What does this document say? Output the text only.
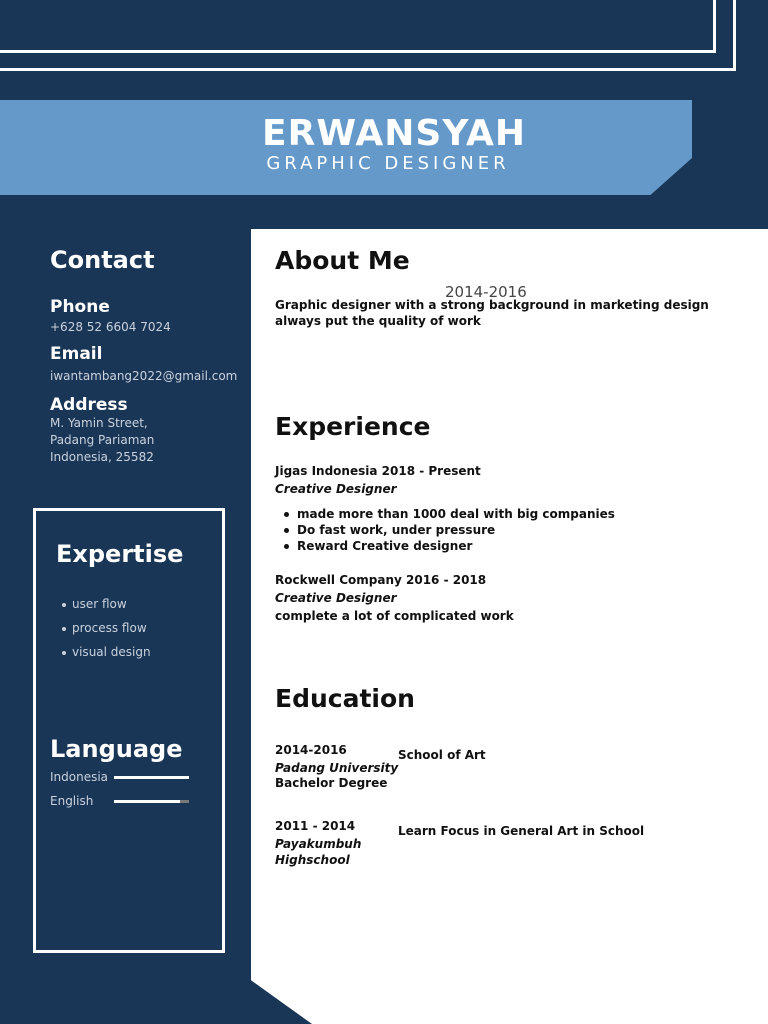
ERWANSYAH
GRAPHIC DESIGNER
Contact
Phone
+628 52 6604 7024
Email
iwantambang2022@gmail.com
Address
M. Yamin Street,
Padang Pariaman
Indonesia, 25582
Expertise
user flow
process flow
visual design
Language
Indonesia
English
About Me
2014-2016
Graphic designer with a strong background in marketing design
always put the quality of work
Experience
Jigas Indonesia 2018 - Present
Creative Designer
made more than 1000 deal with big companies
Do fast work, under pressure
Reward Creative designer
Rockwell Company 2016 - 2018
Creative Designer
complete a lot of complicated work
Education
2014-2016
Padang University
Bachelor Degree
School of Art
2011 - 2014
Payakumbuh
Highschool
Learn Focus in General Art in School
